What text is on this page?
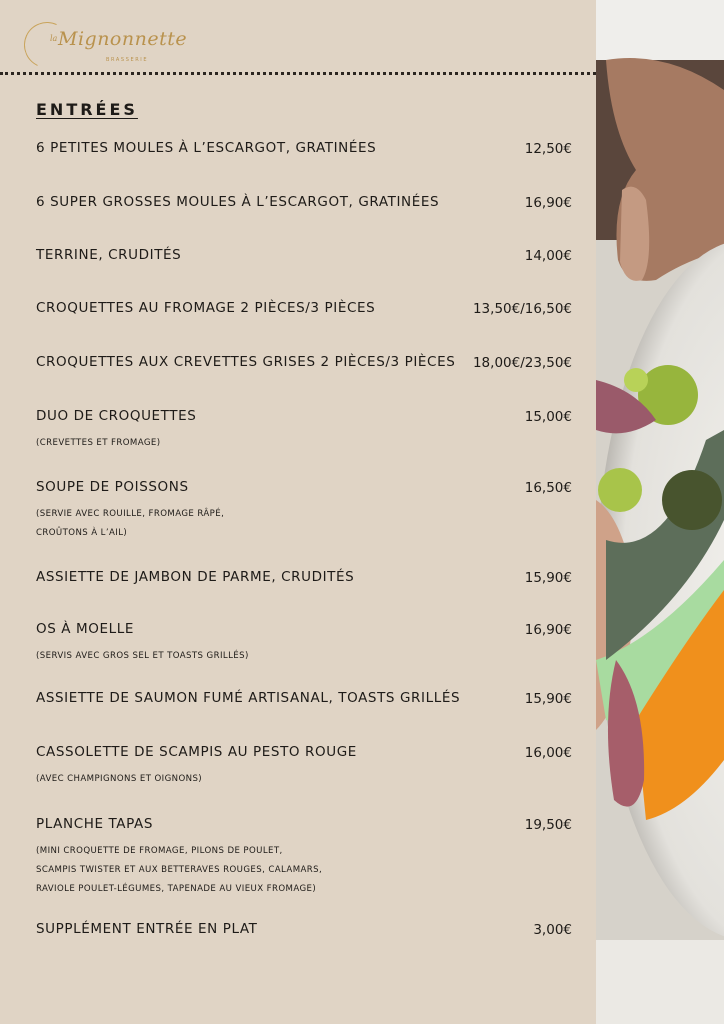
la Mignonnette
BRASSERIE
ENTRÉES
6 PETITES MOULES À L’ESCARGOT, GRATINÉES	12,50€
6 SUPER GROSSES MOULES À L’ESCARGOT, GRATINÉES	16,90€
TERRINE, CRUDITÉS	14,00€
CROQUETTES AU FROMAGE 2 PIÈCES/3 PIÈCES	13,50€/16,50€
CROQUETTES AUX CREVETTES GRISES 2 PIÈCES/3 PIÈCES	18,00€/23,50€
DUO DE CROQUETTES	15,00€
(CREVETTES ET FROMAGE)
SOUPE DE POISSONS	16,50€
(SERVIE AVEC ROUILLE, FROMAGE RÂPÉ,
CROÛTONS À L’AIL)
ASSIETTE DE JAMBON DE PARME, CRUDITÉS	15,90€
OS À MOELLE	16,90€
(SERVIS AVEC GROS SEL ET TOASTS GRILLÉS)
ASSIETTE DE SAUMON FUMÉ ARTISANAL, TOASTS GRILLÉS	15,90€
CASSOLETTE DE SCAMPIS AU PESTO ROUGE	16,00€
(AVEC CHAMPIGNONS ET OIGNONS)
PLANCHE TAPAS	19,50€
(MINI CROQUETTE DE FROMAGE, PILONS DE POULET,
SCAMPIS TWISTER ET AUX BETTERAVES ROUGES, CALAMARS,
RAVIOLE POULET-LÉGUMES, TAPENADE AU VIEUX FROMAGE)
SUPPLÉMENT ENTRÉE EN PLAT	3,00€
